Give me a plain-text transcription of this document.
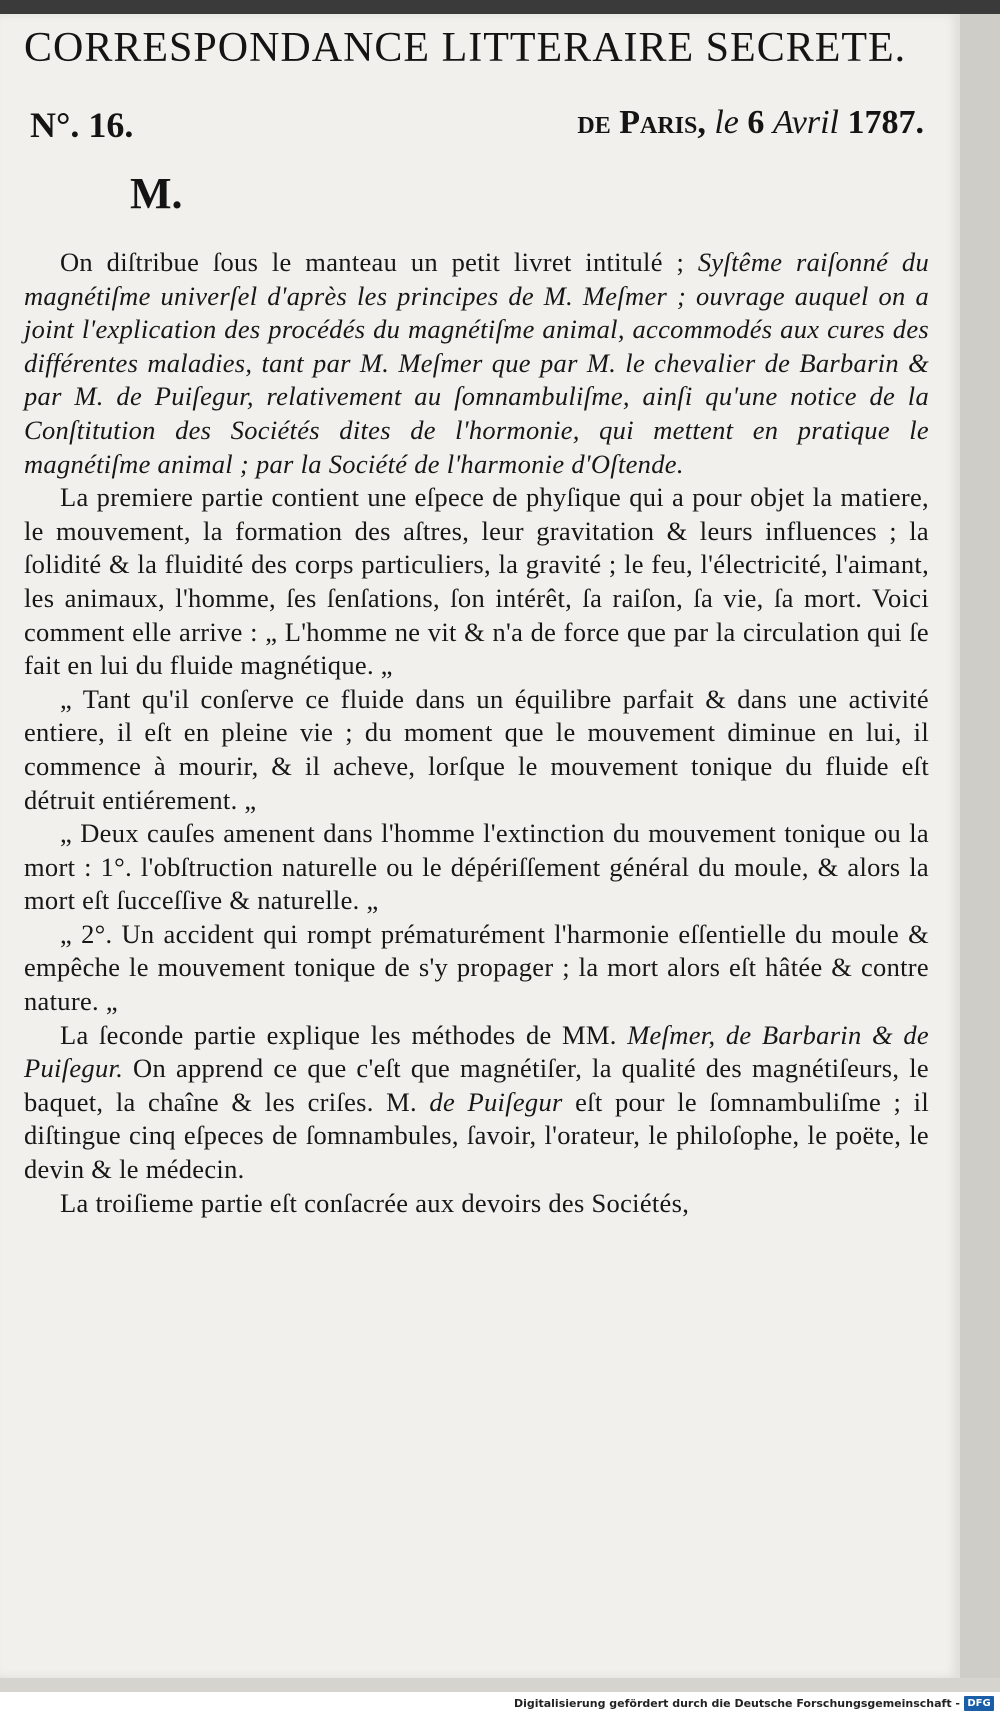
CORRESPONDANCE LITTERAIRE SECRETE.
N°. 16.	de Paris, le 6 Avril 1787.
M.

On diſtribue ſous le manteau un petit livret intitulé ; Syſtême raiſonné du magnétiſme univerſel d'après les principes de M. Meſmer ; ouvrage auquel on a joint l'explication des procédés du magnétiſme animal, accommodés aux cures des différentes maladies, tant par M. Meſmer que par M. le chevalier de Barbarin & par M. de Puiſegur, relativement au ſomnambuliſme, ainſi qu'une notice de la Conſtitution des Sociétés dites de l'hormonie, qui mettent en pratique le magnétiſme animal ; par la Société de l'harmonie d'Oſtende.

La premiere partie contient une eſpece de phyſique qui a pour objet la matiere, le mouvement, la formation des aſtres, leur gravitation & leurs influences ; la ſolidité & la fluidité des corps particuliers, la gravité ; le feu, l'électricité, l'aimant, les animaux, l'homme, ſes ſenſations, ſon intérêt, ſa raiſon, ſa vie, ſa mort. Voici comment elle arrive : „ L'homme ne vit & n'a de force que par la circulation qui ſe fait en lui du fluide magnétique. „

„ Tant qu'il conſerve ce fluide dans un équilibre parfait & dans une activité entiere, il eſt en pleine vie ; du moment que le mouvement diminue en lui, il commence à mourir, & il acheve, lorſque le mouvement tonique du fluide eſt détruit entiérement. „

„ Deux cauſes amenent dans l'homme l'extinction du mouvement tonique ou la mort : 1°. l'obſtruction naturelle ou le dépériſſement général du moule, & alors la mort eſt ſucceſſive & naturelle. „

„ 2°. Un accident qui rompt prématurément l'harmonie eſſentielle du moule & empêche le mouvement tonique de s'y propager ; la mort alors eſt hâtée & contre nature. „

La ſeconde partie explique les méthodes de MM. Meſmer, de Barbarin & de Puiſegur. On apprend ce que c'eſt que magnétiſer, la qualité des magnétiſeurs, le baquet, la chaîne & les criſes. M. de Puiſegur eſt pour le ſomnambuliſme ; il diſtingue cinq eſpeces de ſomnambules, ſavoir, l'orateur, le philoſophe, le poëte, le devin & le médecin.

La troiſieme partie eſt conſacrée aux devoirs des Sociétés,

Digitalisierung gefördert durch die Deutsche Forschungsgemeinschaft - DFG
